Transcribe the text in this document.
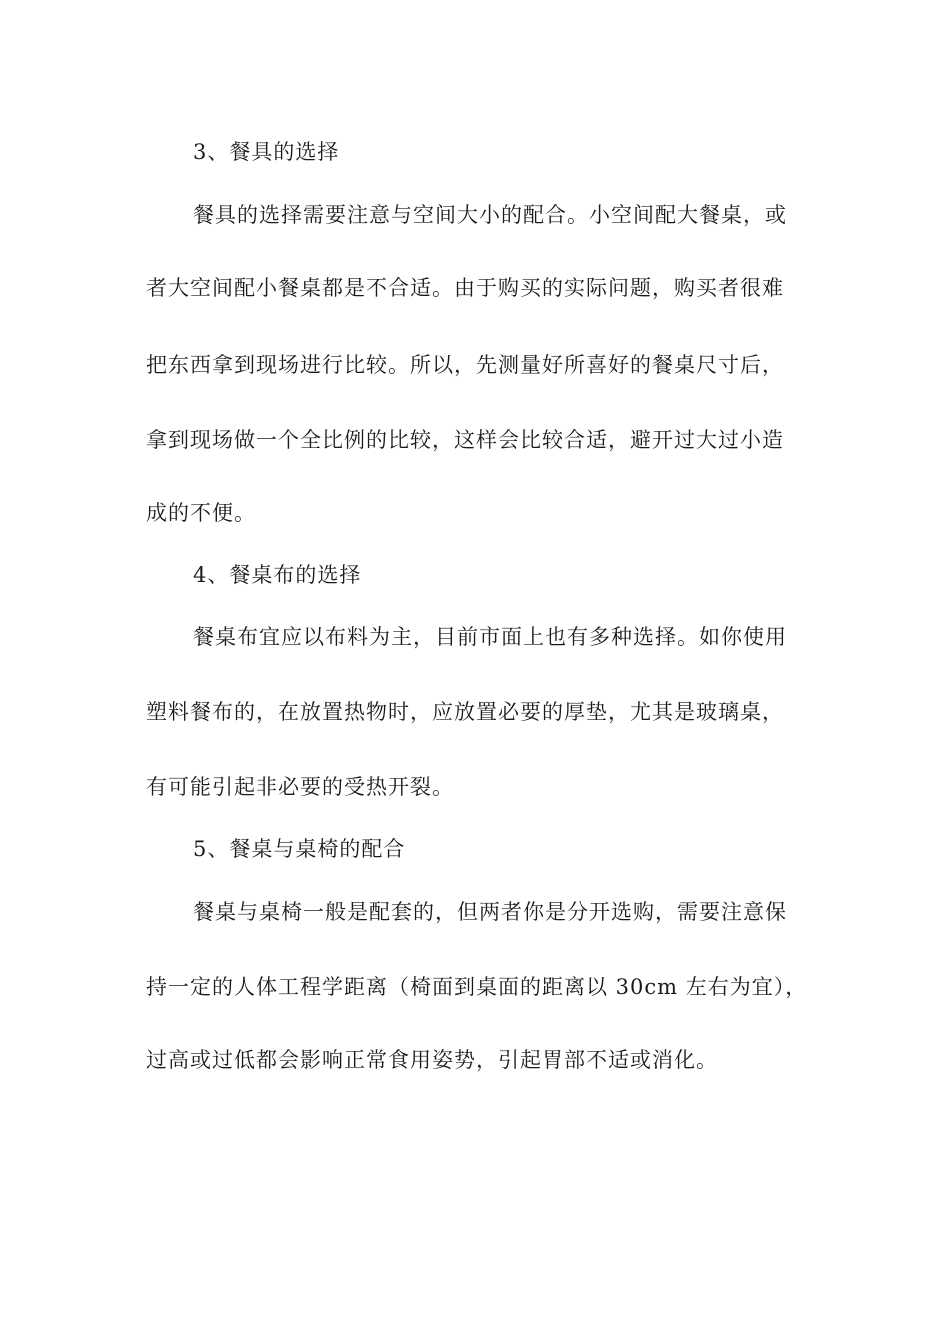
3、餐具的选择
餐具的选择需要注意与空间大小的配合。小空间配大餐桌，或
者大空间配小餐桌都是不合适。由于购买的实际问题，购买者很难
把东西拿到现场进行比较。所以，先测量好所喜好的餐桌尺寸后，
拿到现场做一个全比例的比较，这样会比较合适，避开过大过小造
成的不便。
4、餐桌布的选择
餐桌布宜应以布料为主，目前市面上也有多种选择。如你使用
塑料餐布的，在放置热物时，应放置必要的厚垫，尤其是玻璃桌，
有可能引起非必要的受热开裂。
5、餐桌与桌椅的配合
餐桌与桌椅一般是配套的，但两者你是分开选购，需要注意保
持一定的人体工程学距离（椅面到桌面的距离以 30cm 左右为宜），
过高或过低都会影响正常食用姿势，引起胃部不适或消化。
